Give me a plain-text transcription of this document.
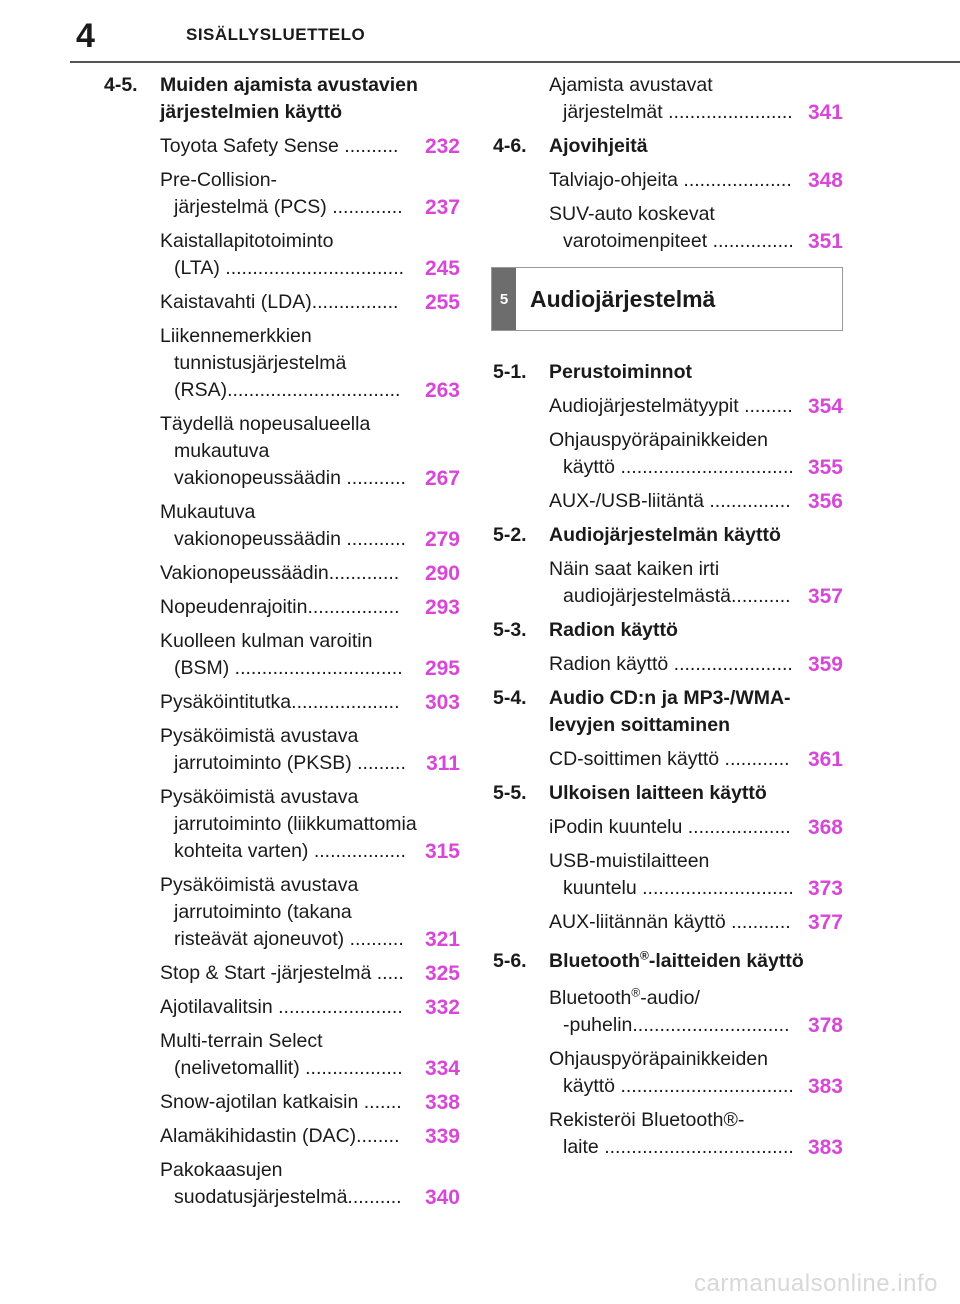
4	SISÄLLYSLUETTELO
4-5.	Muiden ajamista avustavien järjestelmien käyttö
Toyota Safety Sense ..........	232
Pre-Collision-
järjestelmä (PCS) .............	237
Kaistallapitotoiminto
(LTA) ................................. 245
Kaistavahti (LDA)................	255
Liikennemerkkien
tunnistusjärjestelmä
(RSA)................................	263
Täydellä nopeusalueella
mukautuva
vakionopeussäädin ........... 267
Mukautuva
vakionopeussäädin ........... 279
Vakionopeussäädin.............	290
Nopeudenrajoitin.................	293
Kuolleen kulman varoitin
(BSM) ...............................	295
Pysäköintitutka....................	303
Pysäköimistä avustava
jarrutoiminto (PKSB) ......... 311
Pysäköimistä avustava
jarrutoiminto (liikkumattomia
kohteita varten) ................. 315
Pysäköimistä avustava
jarrutoiminto (takana
risteävät ajoneuvot) ..........	321
Stop & Start -järjestelmä .....	325
Ajotilavalitsin .......................	332
Multi-terrain Select
(nelivetomallit) ..................	334
Snow-ajotilan katkaisin .......	338
Alamäkihidastin (DAC)........	339
Pakokaasujen
suodatusjärjestelmä..........	340
Ajamista avustavat
järjestelmät ....................... 341
4-6.	Ajovihjeitä
Talviajo-ohjeita .................... 348
SUV-auto koskevat
varotoimenpiteet ............... 351
5 Audiojärjestelmä
5-1.	Perustoiminnot
Audiojärjestelmätyypit ......... 354
Ohjauspyöräpainikkeiden
käyttö ................................ 355
AUX-/USB-liitäntä ............... 356
5-2.	Audiojärjestelmän käyttö
Näin saat kaiken irti
audiojärjestelmästä........... 357
5-3.	Radion käyttö
Radion käyttö ...................... 359
5-4.	Audio CD:n ja MP3-/WMA-levyjen soittaminen
CD-soittimen käyttö ............ 361
5-5.	Ulkoisen laitteen käyttö
iPodin kuuntelu ................... 368
USB-muistilaitteen
kuuntelu ............................ 373
AUX-liitännän käyttö ........... 377
5-6.	Bluetooth®-laitteiden käyttö
Bluetooth®-audio/
-puhelin............................. 378
Ohjauspyöräpainikkeiden
käyttö ................................ 383
Rekisteröi Bluetooth®-
laite ................................... 383
carmanualsonline.info
